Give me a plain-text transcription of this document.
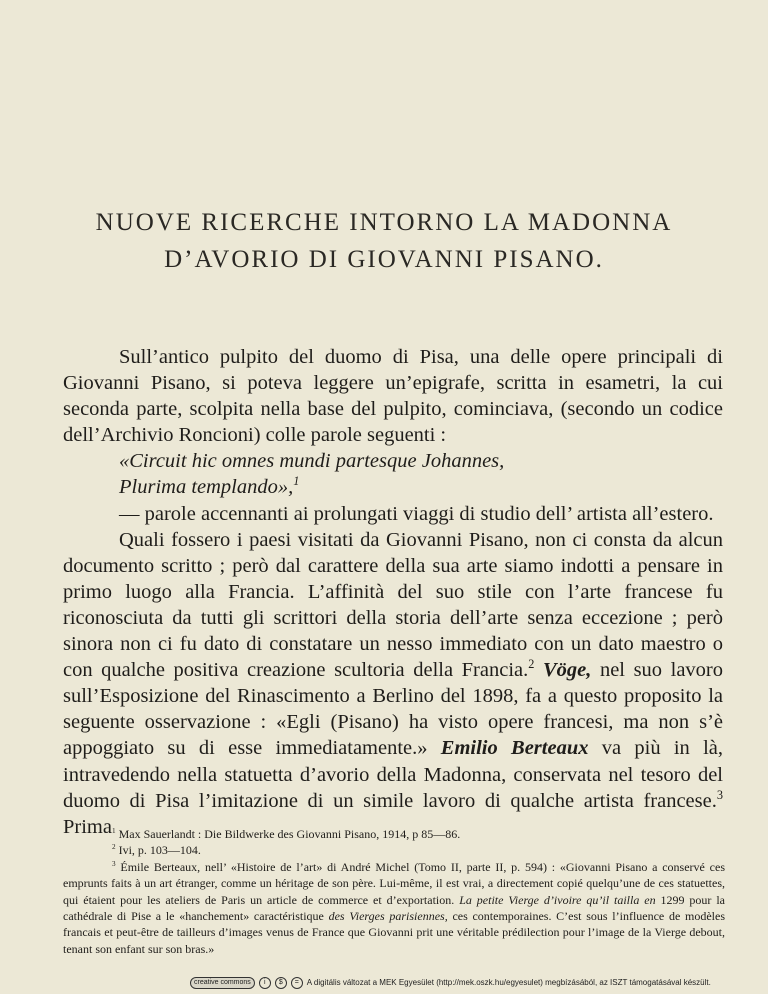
NUOVE RICERCHE INTORNO LA MADONNA
D’AVORIO DI GIOVANNI PISANO.

Sull’antico pulpito del duomo di Pisa, una delle opere principali di Giovanni Pisano, si poteva leggere un’epigrafe, scritta in esametri, la cui seconda parte, scolpita nella base del pulpito, cominciava, (secondo un codice dell’Archivio Roncioni) colle parole seguenti :

«Circuit hic omnes mundi partesque Johannes,
Plurima templando»,$^1$

— parole accennanti ai prolungati viaggi di studio dell’ artista all’estero.

Quali fossero i paesi visitati da Giovanni Pisano, non ci consta da alcun documento scritto ; però dal carattere della sua arte siamo indotti a pensare in primo luogo alla Francia. L’affinità del suo stile con l’arte francese fu riconosciuta da tutti gli scrittori della storia dell’arte senza eccezione ; però sinora non ci fu dato di constatare un nesso immediato con un dato maestro o con qualche positiva creazione scultoria della Francia.$^2$ Vöge, nel suo lavoro sull’Esposizione del Rinascimento a Berlino del 1898, fa a questo proposito la seguente osservazione : «Egli (Pisano) ha visto opere francesi, ma non s’è appoggiato su di esse immediatamente.» Emilio Berteaux va più in là, intravedendo nella statuetta d’avorio della Madonna, conservata nel tesoro del duomo di Pisa l’imitazione di un simile lavoro di qualche artista francese.$^3$ Prima $^1$ Max Sauerlandt : Die Bildwerke des Giovanni Pisano, 1914, p 85—86.

$^2$ Ivi, p. 103—104.

$^3$ Émile Berteaux, nell’ «Histoire de l’art» di André Michel (Tomo II, parte II, p. 594) : «Giovanni Pisano a conservé ces emprunts faits à un art étranger, comme un héritage de son père. Lui-même, il est vrai, a directement copié quelqu’une de ces statuettes, qui étaient pour les ateliers de Paris un article de commerce et d’exportation. La petite Vierge d’ivoire qu’il tailla en 1299 pour la cathédrale di Pise a le «hanchement» caractéristique des Vierges parisiennes, ces contemporaines. C’est sous l’influence de modèles francais et peut-être de tailleurs d’images venus de France que Giovanni prit une véritable prédilection pour l’image de la Vierge debout, tenant son enfant sur son bras.»

creative commons	i	$	= A digitális változat a MEK Egyesület (http://mek.oszk.hu/egyesulet) megbízásából, az ISZT támogatásával készült.
